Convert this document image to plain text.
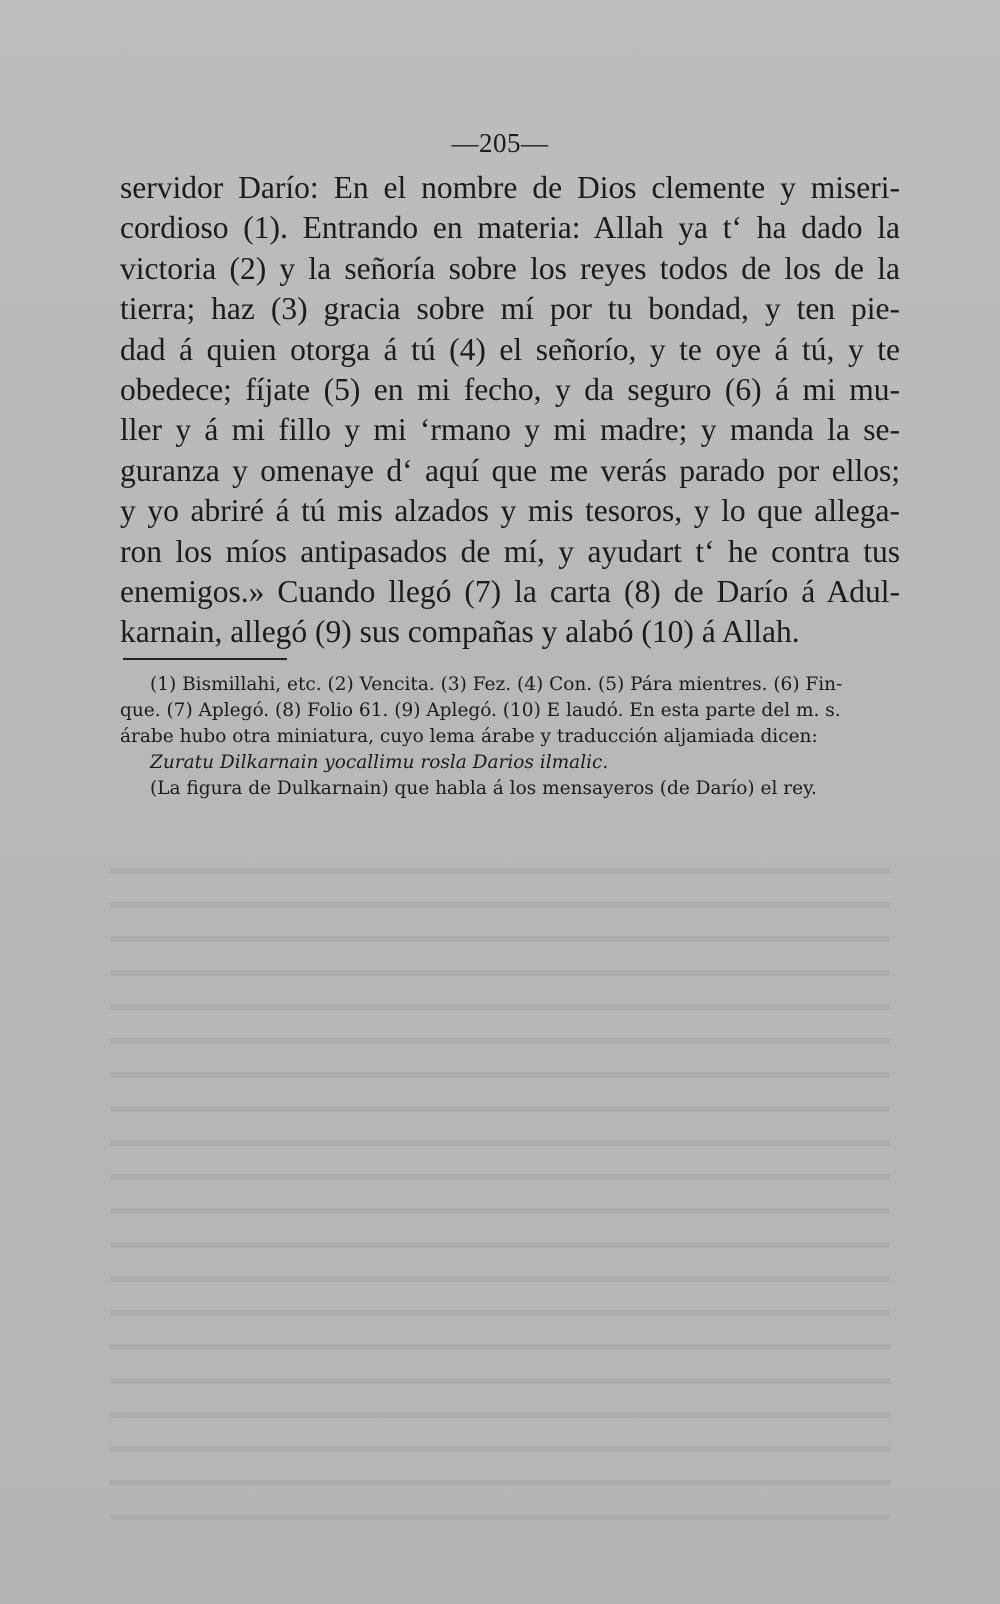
—205—
servidor Darío: En el nombre de Dios clemente y miseri-
cordioso (1). Entrando en materia: Allah ya t‘ ha dado la
victoria (2) y la señoría sobre los reyes todos de los de la
tierra; haz (3) gracia sobre mí por tu bondad, y ten pie-
dad á quien otorga á tú (4) el señorío, y te oye á tú, y te
obedece; fíjate (5) en mi fecho, y da seguro (6) á mi mu-
ller y á mi fillo y mi ‘rmano y mi madre; y manda la se-
guranza y omenaye d‘ aquí que me verás parado por ellos;
y yo abriré á tú mis alzados y mis tesoros, y lo que allega-
ron los míos antipasados de mí, y ayudart t‘ he contra tus
enemigos.» Cuando llegó (7) la carta (8) de Darío á Adul-
karnain, allegó (9) sus compañas y alabó (10) á Allah.
(1) Bismillahi, etc. (2) Vencita. (3) Fez. (4) Con. (5) Pára mientres. (6) Fin-
que. (7) Aplegó. (8) Folio 61. (9) Aplegó. (10) E laudó. En esta parte del m. s.
árabe hubo otra miniatura, cuyo lema árabe y traducción aljamiada dicen:
Zuratu Dilkarnain yocallimu rosla Darios ilmalic.
(La figura de Dulkarnain) que habla á los mensayeros (de Darío) el rey.
